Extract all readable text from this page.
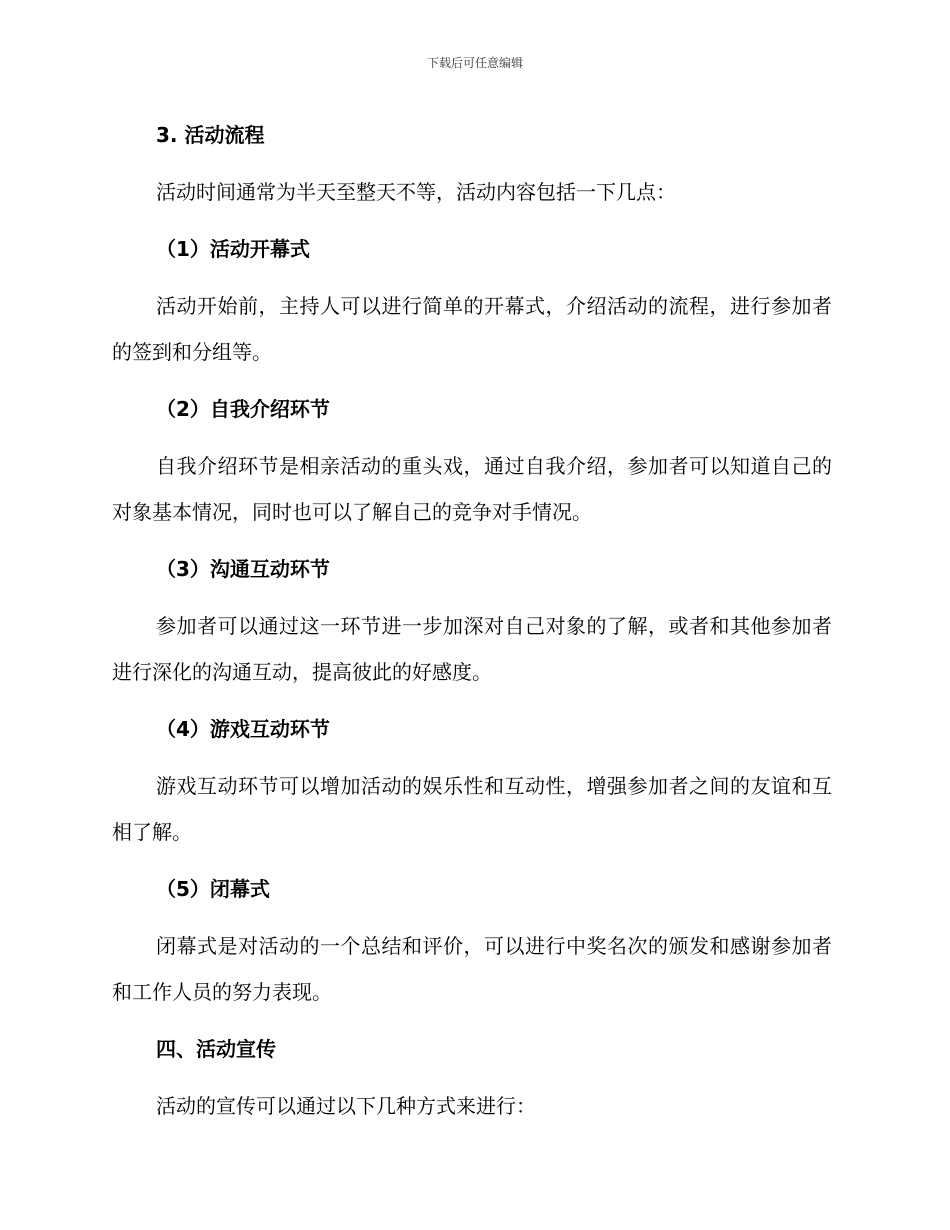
下载后可任意编辑

3. 活动流程

活动时间通常为半天至整天不等，活动内容包括一下几点：

（1）活动开幕式

活动开始前，主持人可以进行简单的开幕式，介绍活动的流程，进行参加者的签到和分组等。

（2）自我介绍环节

自我介绍环节是相亲活动的重头戏，通过自我介绍，参加者可以知道自己的对象基本情况，同时也可以了解自己的竞争对手情况。

（3）沟通互动环节

参加者可以通过这一环节进一步加深对自己对象的了解，或者和其他参加者进行深化的沟通互动，提高彼此的好感度。

（4）游戏互动环节

游戏互动环节可以增加活动的娱乐性和互动性，增强参加者之间的友谊和互相了解。

（5）闭幕式

闭幕式是对活动的一个总结和评价，可以进行中奖名次的颁发和感谢参加者和工作人员的努力表现。

四、活动宣传

活动的宣传可以通过以下几种方式来进行：
